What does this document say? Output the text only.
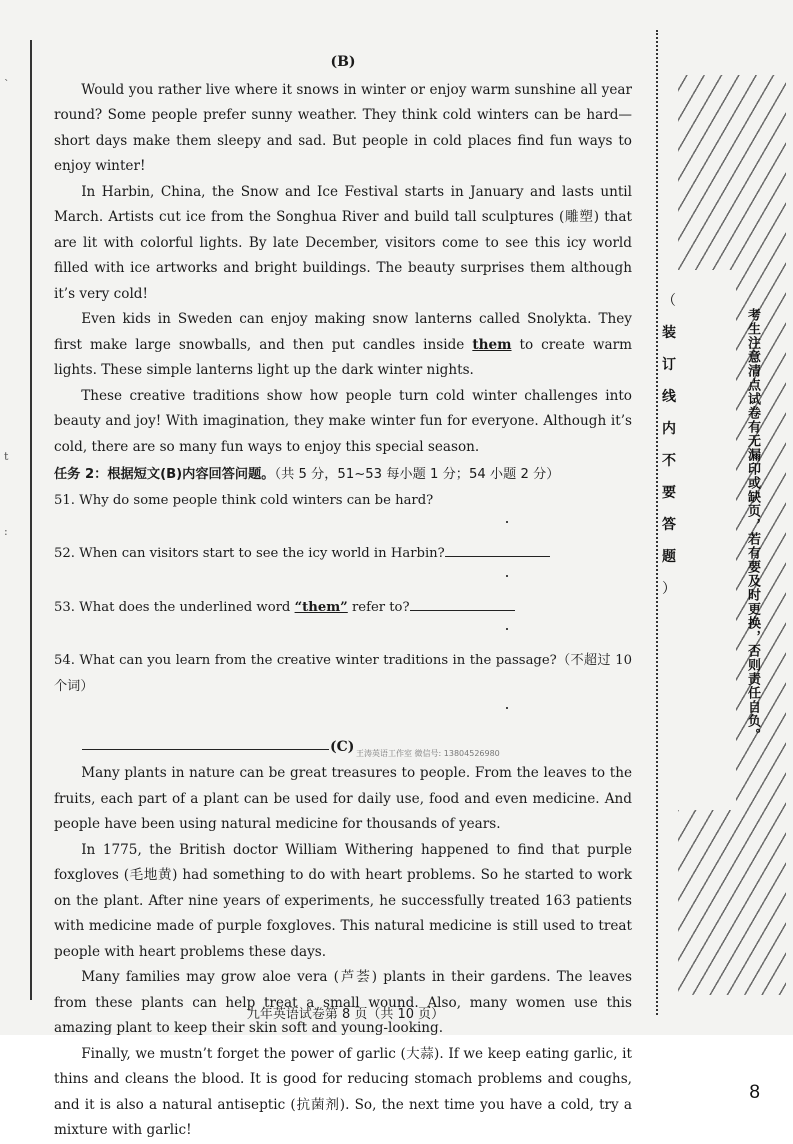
`
t
:
（
装
订
线
内
不
要
答
题
）	考生注意清点试卷有无漏印或缺页，若有要及时更换，否则责任自负。

(B)

Would you rather live where it snows in winter or enjoy warm sunshine all year round? Some people prefer sunny weather. They think cold winters can be hard—short days make them sleepy and sad. But people in cold places find fun ways to enjoy winter!

In Harbin, China, the Snow and Ice Festival starts in January and lasts until March. Artists cut ice from the Songhua River and build tall sculptures (雕塑) that are lit with colorful lights. By late December, visitors come to see this icy world filled with ice artworks and bright buildings. The beauty surprises them although it’s very cold!

Even kids in Sweden can enjoy making snow lanterns called Snolykta. They first make large snowballs, and then put candles inside them to create warm lights. These simple lanterns light up the dark winter nights.

These creative traditions show how people turn cold winter challenges into beauty and joy! With imagination, they make winter fun for everyone. Although it’s cold, there are so many fun ways to enjoy this special season.

任务 2：根据短文(B)内容回答问题。（共 5 分，51~53 每小题 1 分；54 小题 2 分）

51. Why do some people think cold winters can be hard?

52. When can visitors start to see the icy world in Harbin?

53. What does the underlined word “them” refer to?

54. What can you learn from the creative winter traditions in the passage?（不超过 10 个词）

(C) 王涛英语工作室 微信号: 13804526980

Many plants in nature can be great treasures to people. From the leaves to the fruits, each part of a plant can be used for daily use, food and even medicine. And people have been using natural medicine for thousands of years.

In 1775, the British doctor William Withering happened to find that purple foxgloves (毛地黄) had something to do with heart problems. So he started to work on the plant. After nine years of experiments, he successfully treated 163 patients with medicine made of purple foxgloves. This natural medicine is still used to treat people with heart problems these days.

Many families may grow aloe vera (芦荟) plants in their gardens. The leaves from these plants can help treat a small wound. Also, many women use this amazing plant to keep their skin soft and young-looking.

Finally, we mustn’t forget the power of garlic (大蒜). If we keep eating garlic, it thins and cleans the blood. It is good for reducing stomach problems and coughs, and it is also a natural antiseptic (抗菌剂). So, the next time you have a cold, try a mixture with garlic!

九年英语试卷第 8 页（共 10 页）
8
